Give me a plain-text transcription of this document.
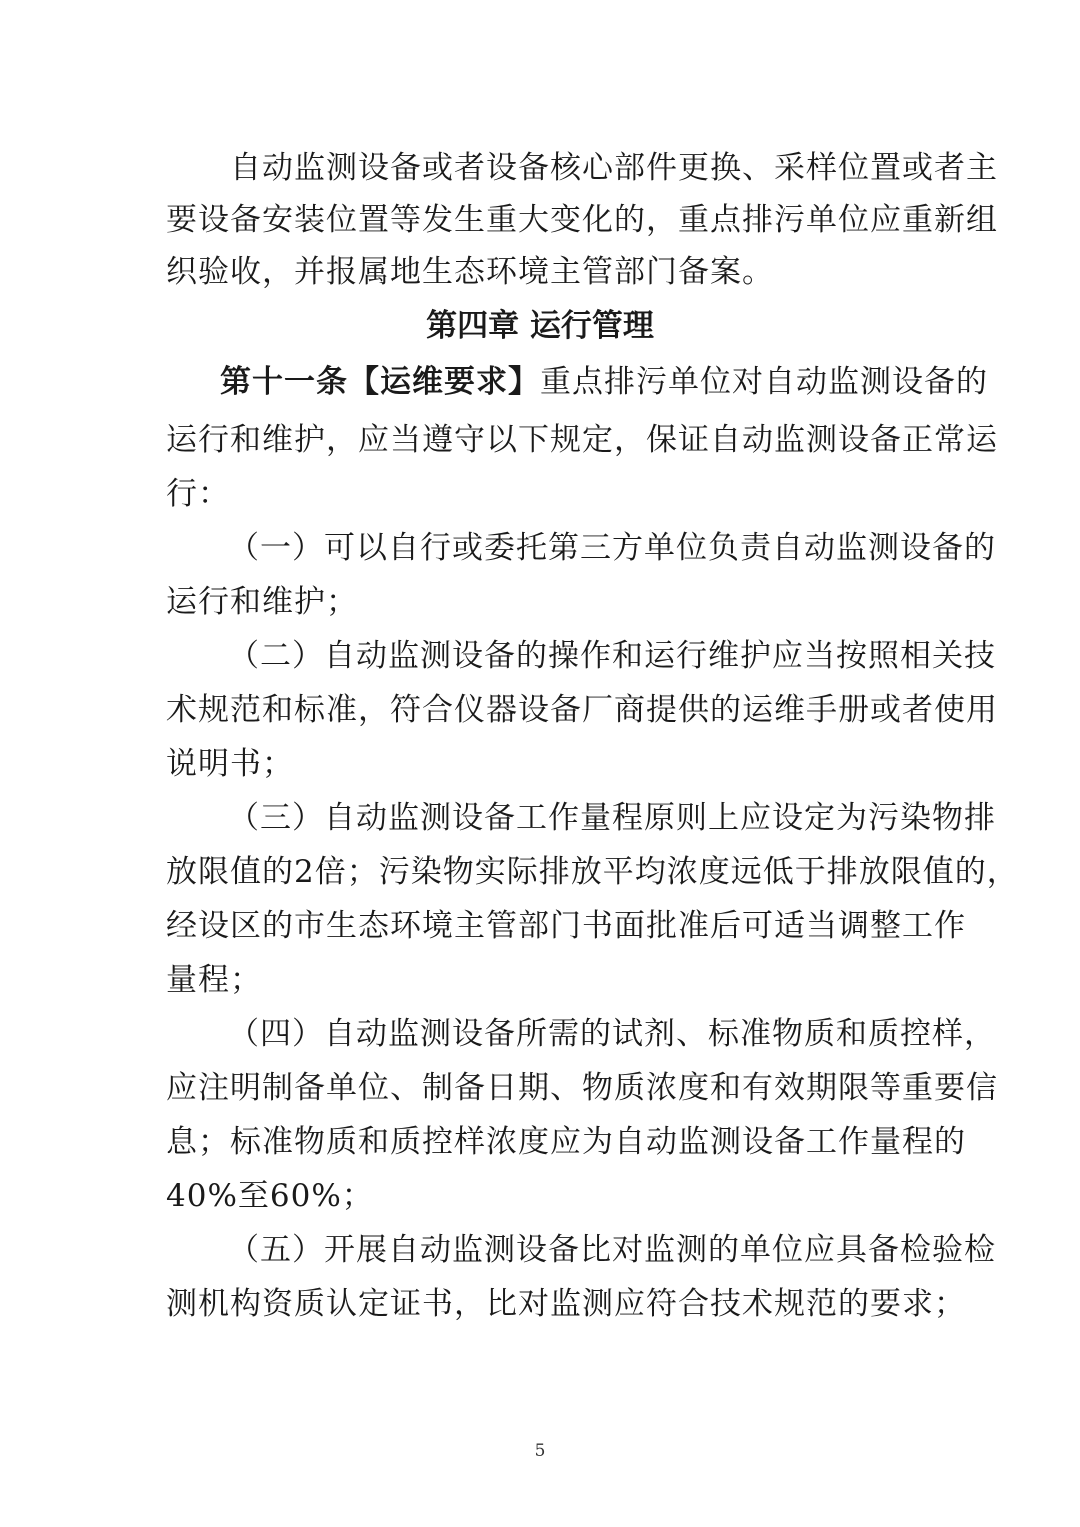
自动监测设备或者设备核心部件更换、采样位置或者主
要设备安装位置等发生重大变化的，重点排污单位应重新组
织验收，并报属地生态环境主管部门备案。
第四章 运行管理
第十一条【运维要求】 重点排污单位对自动监测设备的
运行和维护，应当遵守以下规定，保证自动监测设备正常运
行：
（一）可以自行或委托第三方单位负责自动监测设备的
运行和维护；
（二）自动监测设备的操作和运行维护应当按照相关技
术规范和标准，符合仪器设备厂商提供的运维手册或者使用
说明书；
（三）自动监测设备工作量程原则上应设定为污染物排
放限值的2倍；污染物实际排放平均浓度远低于排放限值的，
经设区的市生态环境主管部门书面批准后可适当调整工作
量程；
（四）自动监测设备所需的试剂、标准物质和质控样，
应注明制备单位、制备日期、物质浓度和有效期限等重要信
息；标准物质和质控样浓度应为自动监测设备工作量程的
40%至60%；
（五）开展自动监测设备比对监测的单位应具备检验检
测机构资质认定证书，比对监测应符合技术规范的要求；
5
